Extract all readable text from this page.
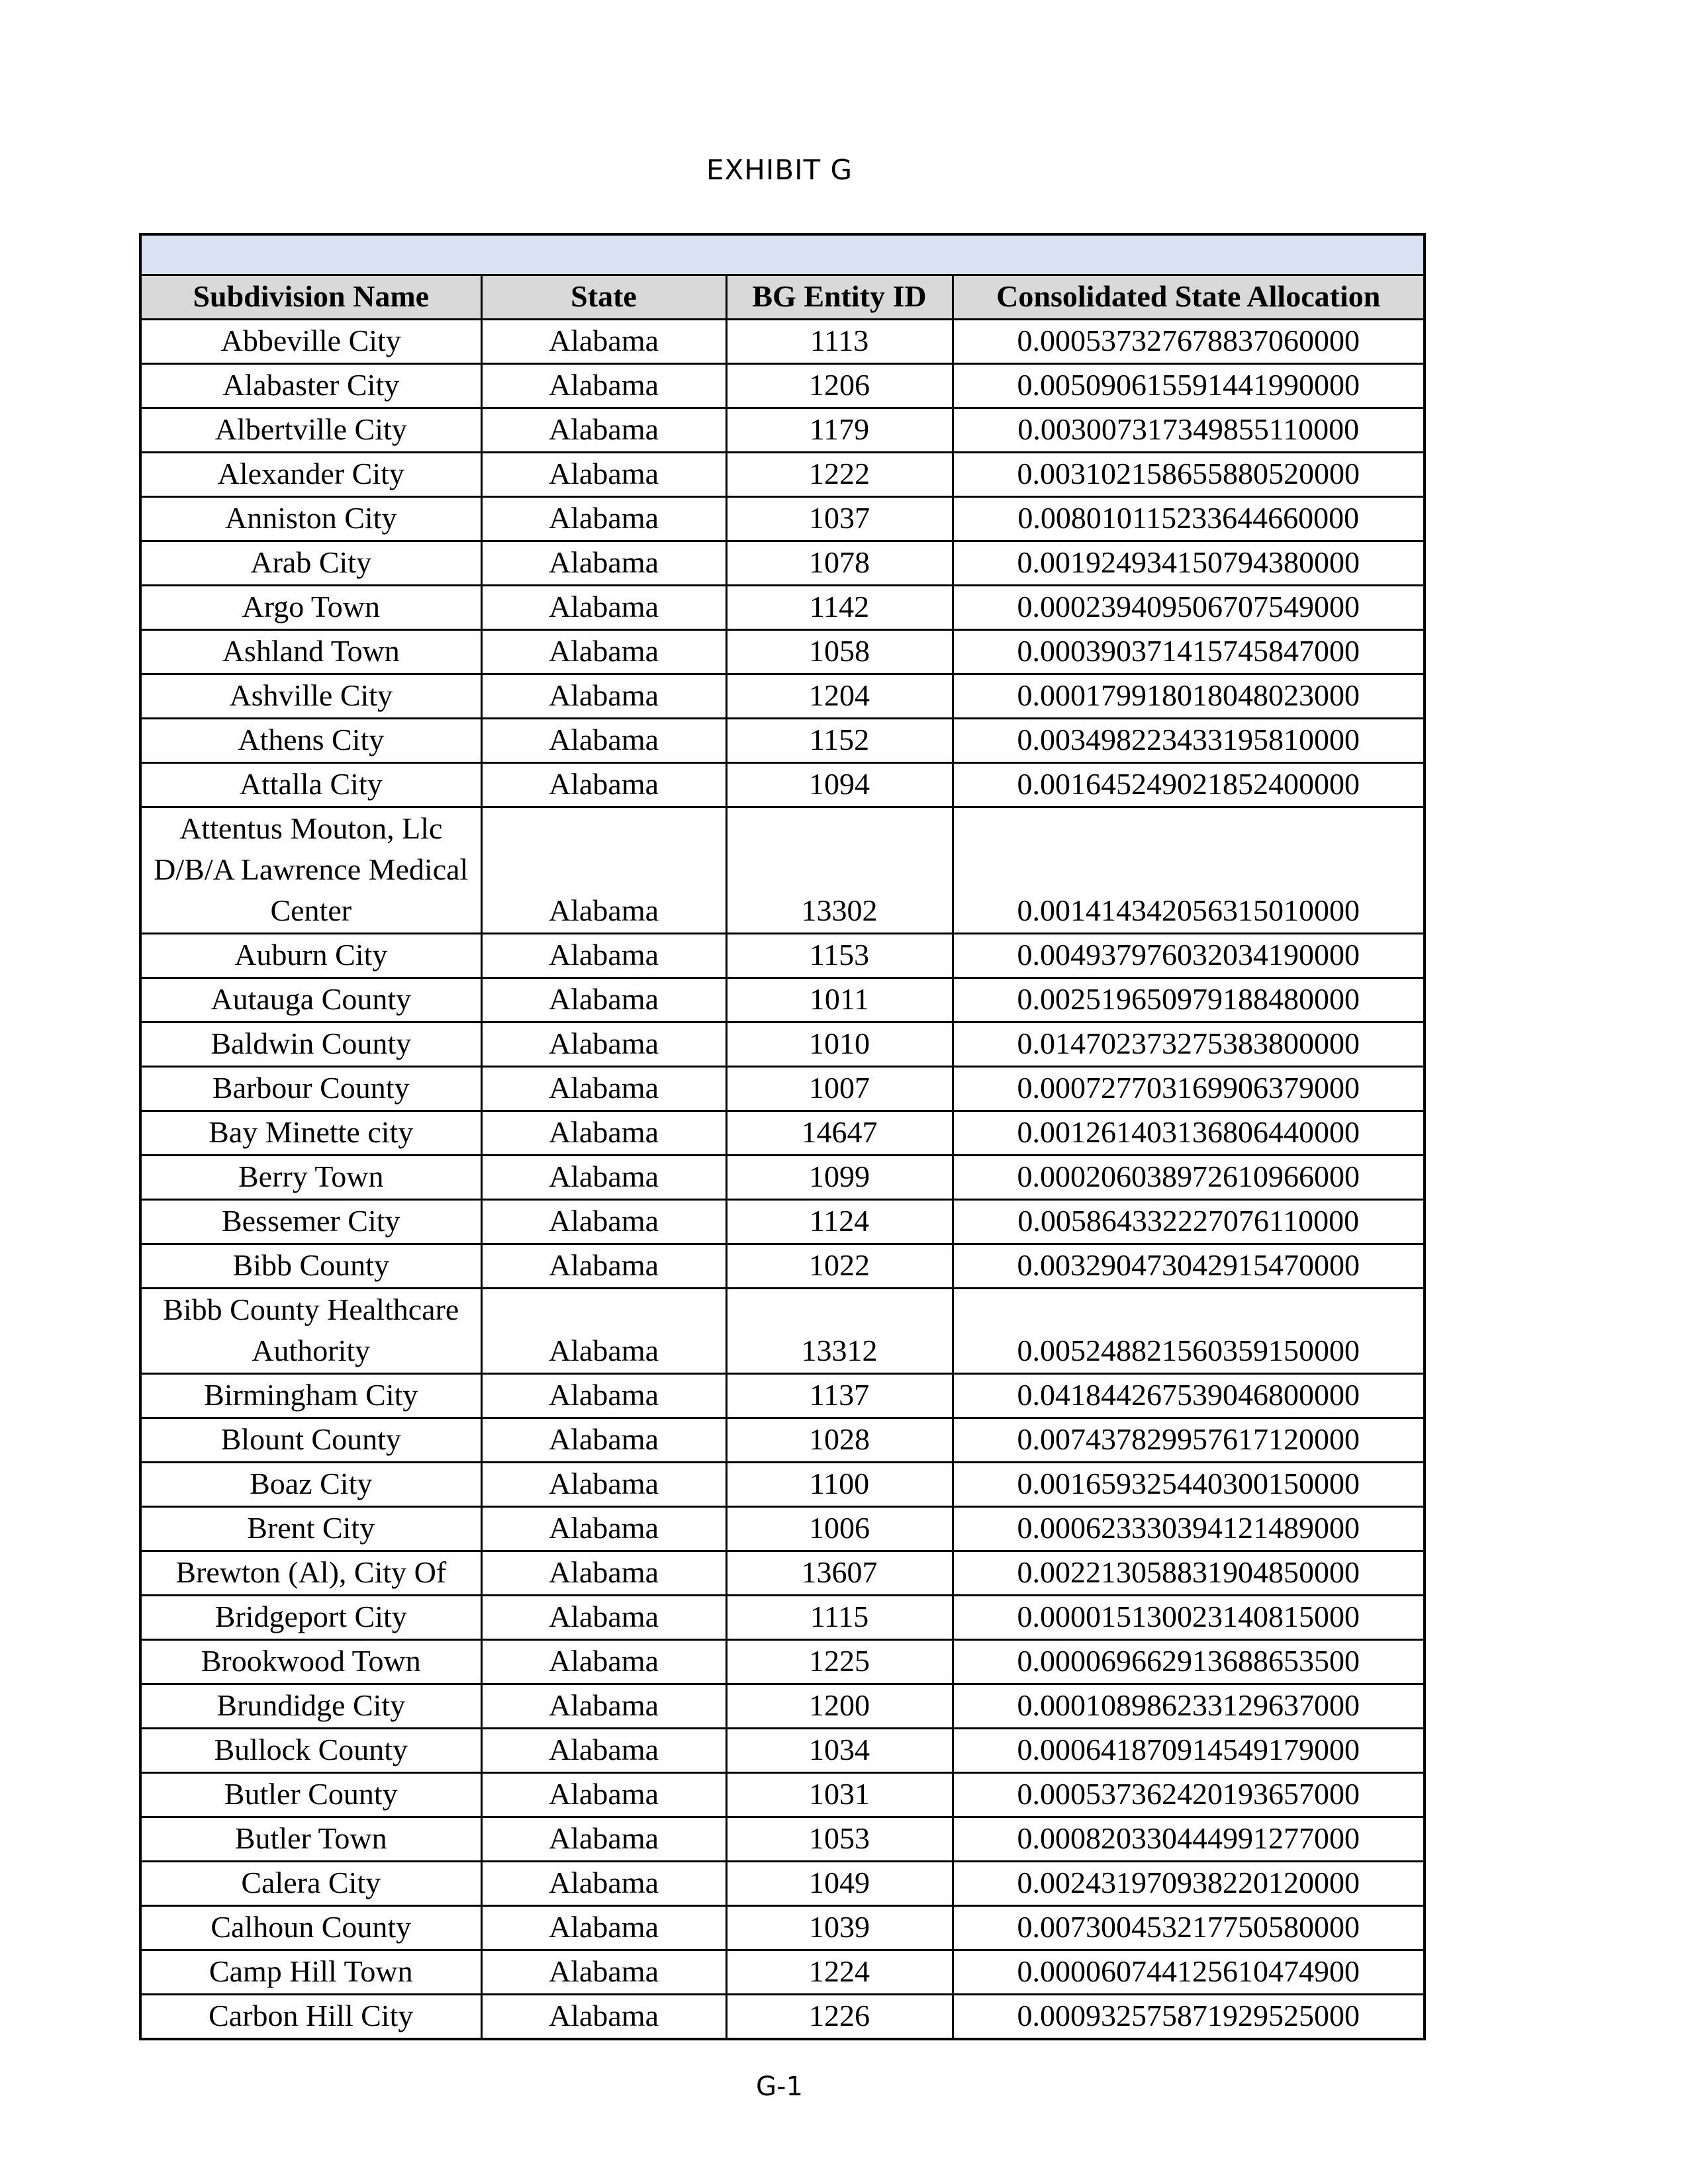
EXHIBIT G

Subdivision Name	State	BG Entity ID	Consolidated State Allocation
Abbeville City	Alabama	1113	0.000537327678837060000
Alabaster City	Alabama	1206	0.005090615591441990000
Albertville City	Alabama	1179	0.003007317349855110000
Alexander City	Alabama	1222	0.003102158655880520000
Anniston City	Alabama	1037	0.008010115233644660000
Arab City	Alabama	1078	0.001924934150794380000
Argo Town	Alabama	1142	0.000239409506707549000
Ashland Town	Alabama	1058	0.000390371415745847000
Ashville City	Alabama	1204	0.000179918018048023000
Athens City	Alabama	1152	0.003498223433195810000
Attalla City	Alabama	1094	0.001645249021852400000
Attentus Mouton, Llc D/B/A Lawrence Medical Center	Alabama	13302	0.001414342056315010000
Auburn City	Alabama	1153	0.004937976032034190000
Autauga County	Alabama	1011	0.002519650979188480000
Baldwin County	Alabama	1010	0.014702373275383800000
Barbour County	Alabama	1007	0.000727703169906379000
Bay Minette city	Alabama	14647	0.001261403136806440000
Berry Town	Alabama	1099	0.000206038972610966000
Bessemer City	Alabama	1124	0.005864332227076110000
Bibb County	Alabama	1022	0.003290473042915470000
Bibb County Healthcare Authority	Alabama	13312	0.005248821560359150000
Birmingham City	Alabama	1137	0.041844267539046800000
Blount County	Alabama	1028	0.007437829957617120000
Boaz City	Alabama	1100	0.001659325440300150000
Brent City	Alabama	1006	0.000623330394121489000
Brewton (Al), City Of	Alabama	13607	0.002213058831904850000
Bridgeport City	Alabama	1115	0.000015130023140815000
Brookwood Town	Alabama	1225	0.000069662913688653500
Brundidge City	Alabama	1200	0.000108986233129637000
Bullock County	Alabama	1034	0.000641870914549179000
Butler County	Alabama	1031	0.000537362420193657000
Butler Town	Alabama	1053	0.000820330444991277000
Calera City	Alabama	1049	0.002431970938220120000
Calhoun County	Alabama	1039	0.007300453217750580000
Camp Hill Town	Alabama	1224	0.000060744125610474900
Carbon Hill City	Alabama	1226	0.000932575871929525000
G-1
